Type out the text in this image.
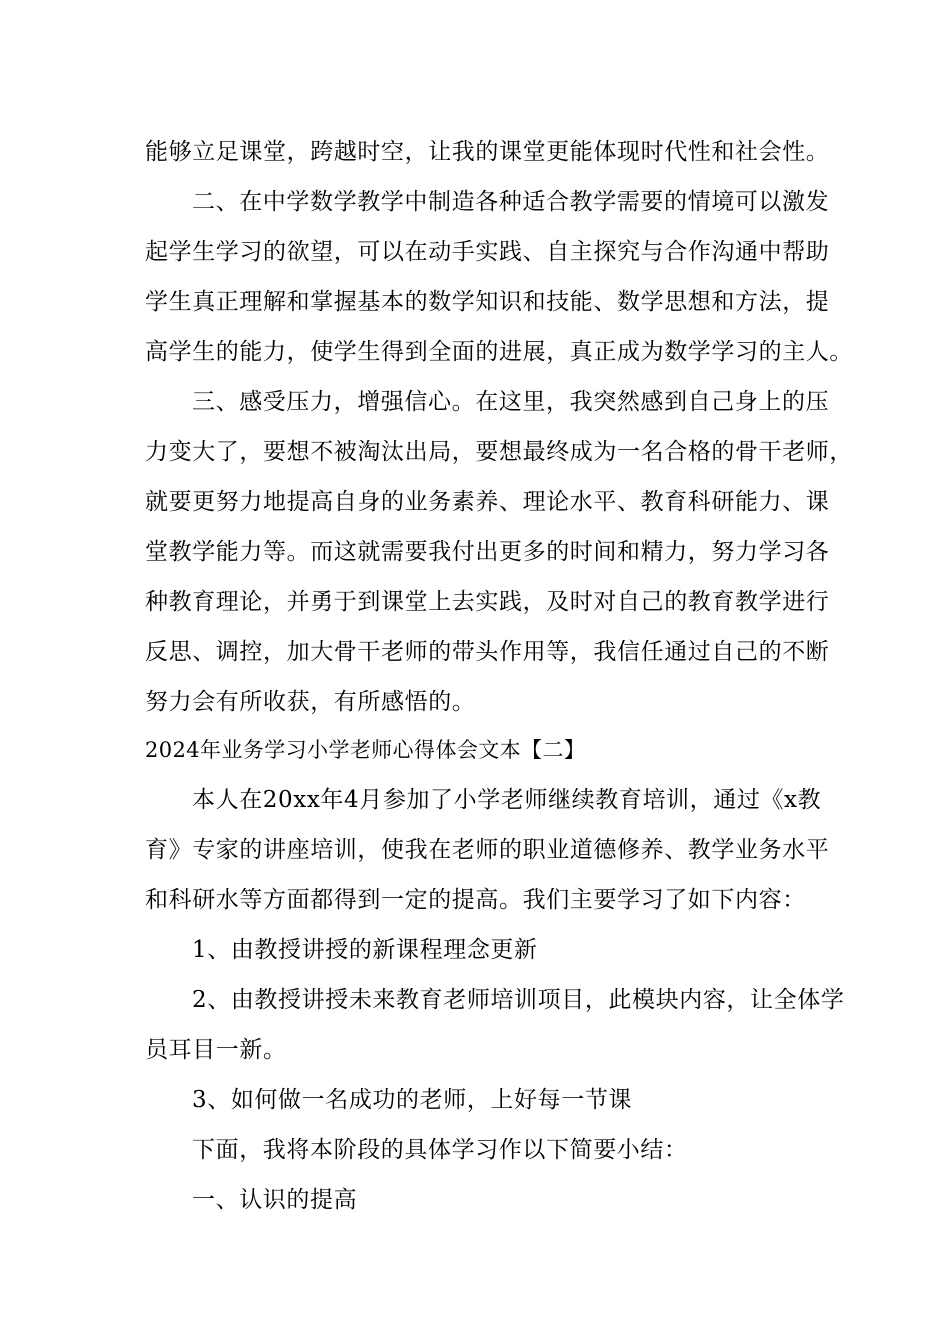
能够立足课堂，跨越时空，让我的课堂更能体现时代性和社会性。
二、在中学数学教学中制造各种适合教学需要的情境可以激发
起学生学习的欲望，可以在动手实践、自主探究与合作沟通中帮助
学生真正理解和掌握基本的数学知识和技能、数学思想和方法，提
高学生的能力，使学生得到全面的进展，真正成为数学学习的主人。
三、感受压力，增强信心。在这里，我突然感到自己身上的压
力变大了，要想不被淘汰出局，要想最终成为一名合格的骨干老师，
就要更努力地提高自身的业务素养、理论水平、教育科研能力、课
堂教学能力等。而这就需要我付出更多的时间和精力，努力学习各
种教育理论，并勇于到课堂上去实践，及时对自己的教育教学进行
反思、调控，加大骨干老师的带头作用等，我信任通过自己的不断
努力会有所收获，有所感悟的。
2024年业务学习小学老师心得体会文本【二】
本人在20xx年4月参加了小学老师继续教育培训，通过《x教
育》专家的讲座培训，使我在老师的职业道德修养、教学业务水平
和科研水等方面都得到一定的提高。我们主要学习了如下内容：
1、由教授讲授的新课程理念更新
2、由教授讲授未来教育老师培训项目，此模块内容，让全体学
员耳目一新。
3、如何做一名成功的老师，上好每一节课
下面，我将本阶段的具体学习作以下简要小结：
一、认识的提高
